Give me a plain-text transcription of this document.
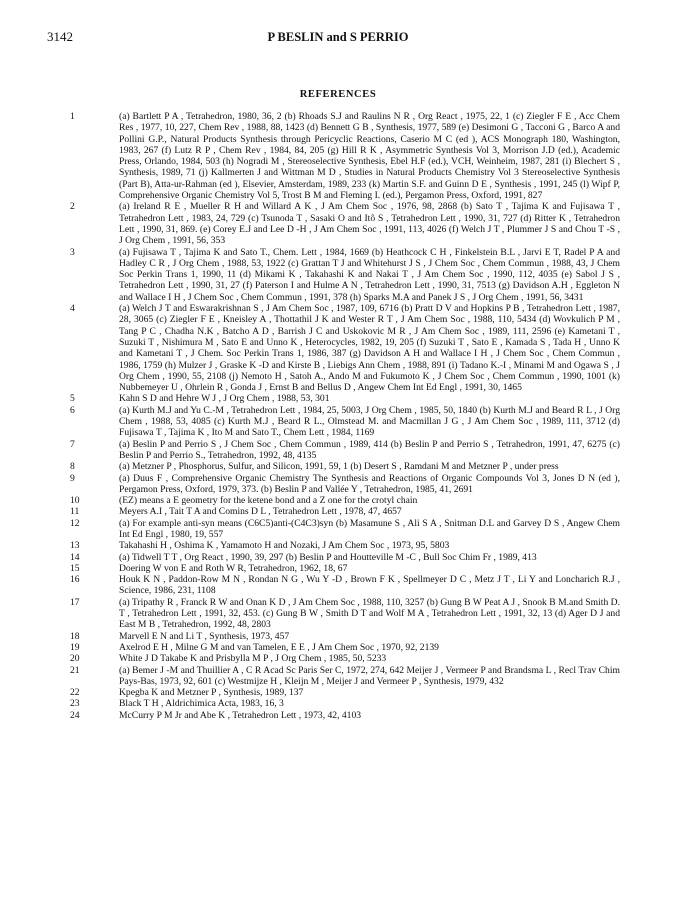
3142	P BESLIN and S PERRIO
REFERENCES
1	(a) Bartlett P A , Tetrahedron, 1980, 36, 2 (b) Rhoads S.J and Raulins N R , Org React , 1975, 22, 1 (c) Ziegler F E , Acc Chem Res , 1977, 10, 227, Chem Rev , 1988, 88, 1423 (d) Bennett G B , Synthesis, 1977, 589 (e) Desimoni G , Tacconi G , Barco A and Pollini G.P., Natural Products Synthesis through Pericyclic Reactions, Caserio M C (ed ), ACS Monograph 180, Washington, 1983, 267 (f) Lutz R P , Chem Rev , 1984, 84, 205 (g) Hill R K , Asymmetric Synthesis Vol 3, Morrison J.D (ed.), Academic Press, Orlando, 1984, 503 (h) Nogradi M , Stereoselective Synthesis, Ebel H.F (ed.), VCH, Weinheim, 1987, 281 (i) Blechert S , Synthesis, 1989, 71 (j) Kallmerten J and Wittman M D , Studies in Natural Products Chemistry Vol 3 Stereoselective Synthesis (Part B), Atta-ur-Rahman (ed ), Elsevier, Amsterdam, 1989, 233 (k) Martin S.F. and Guinn D E , Synthesis , 1991, 245 (l) Wipf P, Comprehensive Organic Chemistry Vol 5, Trost B M and Fleming I. (ed.), Pergamon Press, Oxford, 1991, 827
2	(a) Ireland R E , Mueller R H and Willard A K , J Am Chem Soc , 1976, 98, 2868 (b) Sato T , Tajima K and Fujisawa T , Tetrahedron Lett , 1983, 24, 729 (c) Tsunoda T , Sasaki O and Itô S , Tetrahedron Lett , 1990, 31, 727 (d) Ritter K , Tetrahedron Lett , 1990, 31, 869. (e) Corey E.J and Lee D -H , J Am Chem Soc , 1991, 113, 4026 (f) Welch J T , Plummer J S and Chou T -S , J Org Chem , 1991, 56, 353
3	(a) Fujisawa T , Tajima K and Sato T., Chem. Lett , 1984, 1669 (b) Heathcock C H , Finkelstein B.L , Jarvi E T, Radel P A and Hadley C R , J Org Chem , 1988, 53, 1922 (c) Grattan T J and Whitehurst J S , J Chem Soc , Chem Commun , 1988, 43, J Chem Soc Perkin Trans 1, 1990, 11 (d) Mikami K , Takahashi K and Nakai T , J Am Chem Soc , 1990, 112, 4035 (e) Sabol J S , Tetrahedron Lett , 1990, 31, 27 (f) Paterson I and Hulme A N , Tetrahedron Lett , 1990, 31, 7513 (g) Davidson A.H , Eggleton N and Wallace I H , J Chem Soc , Chem Commun , 1991, 378 (h) Sparks M.A and Panek J S , J Org Chem , 1991, 56, 3431
4	(a) Welch J T and Eswarakrishnan S , J Am Chem Soc , 1987, 109, 6716 (b) Pratt D V and Hopkins P B , Tetrahedron Lett , 1987, 28, 3065 (c) Ziegler F E , Kneisley A , Thottathil J K and Wester R T , J Am Chem Soc , 1988, 110, 5434 (d) Wovkulich P M , Tang P C , Chadha N.K , Batcho A D , Barrish J C and Uskokovic M R , J Am Chem Soc , 1989, 111, 2596 (e) Kametani T , Suzuki T , Nishimura M , Sato E and Unno K , Heterocycles, 1982, 19, 205 (f) Suzuki T , Sato E , Kamada S , Tada H , Unno K and Kametani T , J Chem. Soc Perkin Trans 1, 1986, 387 (g) Davidson A H and Wallace I H , J Chem Soc , Chem Commun , 1986, 1759 (h) Mulzer J , Graske K -D and Kirste B , Liebigs Ann Chem , 1988, 891 (i) Tadano K.-I , Minami M and Ogawa S , J Org Chem , 1990, 55, 2108 (j) Nemoto H , Satoh A., Ando M and Fukumoto K , J Chem Soc , Chem Commun , 1990, 1001 (k) Nubbemeyer U , Ohrlein R , Gonda J , Ernst B and Bellus D , Angew Chem Int Ed Engl , 1991, 30, 1465
5	Kahn S D and Hehre W J , J Org Chem , 1988, 53, 301
6	(a) Kurth M.J and Yu C.-M , Tetrahedron Lett , 1984, 25, 5003, J Org Chem , 1985, 50, 1840 (b) Kurth M.J and Beard R L , J Org Chem , 1988, 53, 4085 (c) Kurth M.J , Beard R L., Olmstead M. and Macmillan J G , J Am Chem Soc , 1989, 111, 3712 (d) Fujisawa T , Tajima K , Ito M and Sato T., Chem Lett , 1984, 1169
7	(a) Beslin P and Perrio S , J Chem Soc , Chem Commun , 1989, 414 (b) Beslin P and Perrio S , Tetrahedron, 1991, 47, 6275 (c) Beslin P and Perrio S., Tetrahedron, 1992, 48, 4135
8	(a) Metzner P , Phosphorus, Sulfur, and Silicon, 1991, 59, 1 (b) Desert S , Ramdani M and Metzner P , under press
9	(a) Duus F , Comprehensive Organic Chemistry The Synthesis and Reactions of Organic Compounds Vol 3, Jones D N (ed ), Pergamon Press, Oxford, 1979, 373. (b) Beslin P and Vallée Y , Tetrahedron, 1985, 41, 2691
10	(EZ) means a E geometry for the ketene bond and a Z one for the crotyl chain
11	Meyers A.I , Tait T A and Comins D L , Tetrahedron Lett , 1978, 47, 4657
12	(a) For example anti-syn means (C6C5)anti-(C4C3)syn (b) Masamune S , Ali S A , Snitman D.L and Garvey D S , Angew Chem Int Ed Engl , 1980, 19, 557
13	Takahashi H , Oshima K , Yamamoto H and Nozaki, J Am Chem Soc , 1973, 95, 5803
14	(a) Tidwell T T , Org React , 1990, 39, 297 (b) Beslin P and Houtteville M -C , Bull Soc Chim Fr , 1989, 413
15	Doering W von E and Roth W R, Tetrahedron, 1962, 18, 67
16	Houk K N , Paddon-Row M N , Rondan N G , Wu Y -D , Brown F K , Spellmeyer D C , Metz J T , Li Y and Loncharich R.J , Science, 1986, 231, 1108
17	(a) Tripathy R , Franck R W and Onan K D , J Am Chem Soc , 1988, 110, 3257 (b) Gung B W Peat A J , Snook B M.and Smith D. T , Tetrahedron Lett , 1991, 32, 453. (c) Gung B W , Smith D T and Wolf M A , Tetrahedron Lett , 1991, 32, 13 (d) Ager D J and East M B , Tetrahedron, 1992, 48, 2803
18	Marvell E N and Li T , Synthesis, 1973, 457
19	Axelrod E H , Milne G M and van Tamelen, E E , J Am Chem Soc , 1970, 92, 2139
20	White J D Takabe K and Prisbylla M P , J Org Chem , 1985, 50, 5233
21	(a) Bemer J -M and Thuillier A , C R Acad Sc Paris Ser C, 1972, 274, 642 Meijer J , Vermeer P and Brandsma L , Recl Trav Chim Pays-Bas, 1973, 92, 601 (c) Westmijze H , Kleijn M , Meijer J and Vermeer P , Synthesis, 1979, 432
22	Kpegba K and Metzner P , Synthesis, 1989, 137
23	Black T H , Aldrichimica Acta, 1983, 16, 3
24	McCurry P M Jr and Abe K , Tetrahedron Lett , 1973, 42, 4103
